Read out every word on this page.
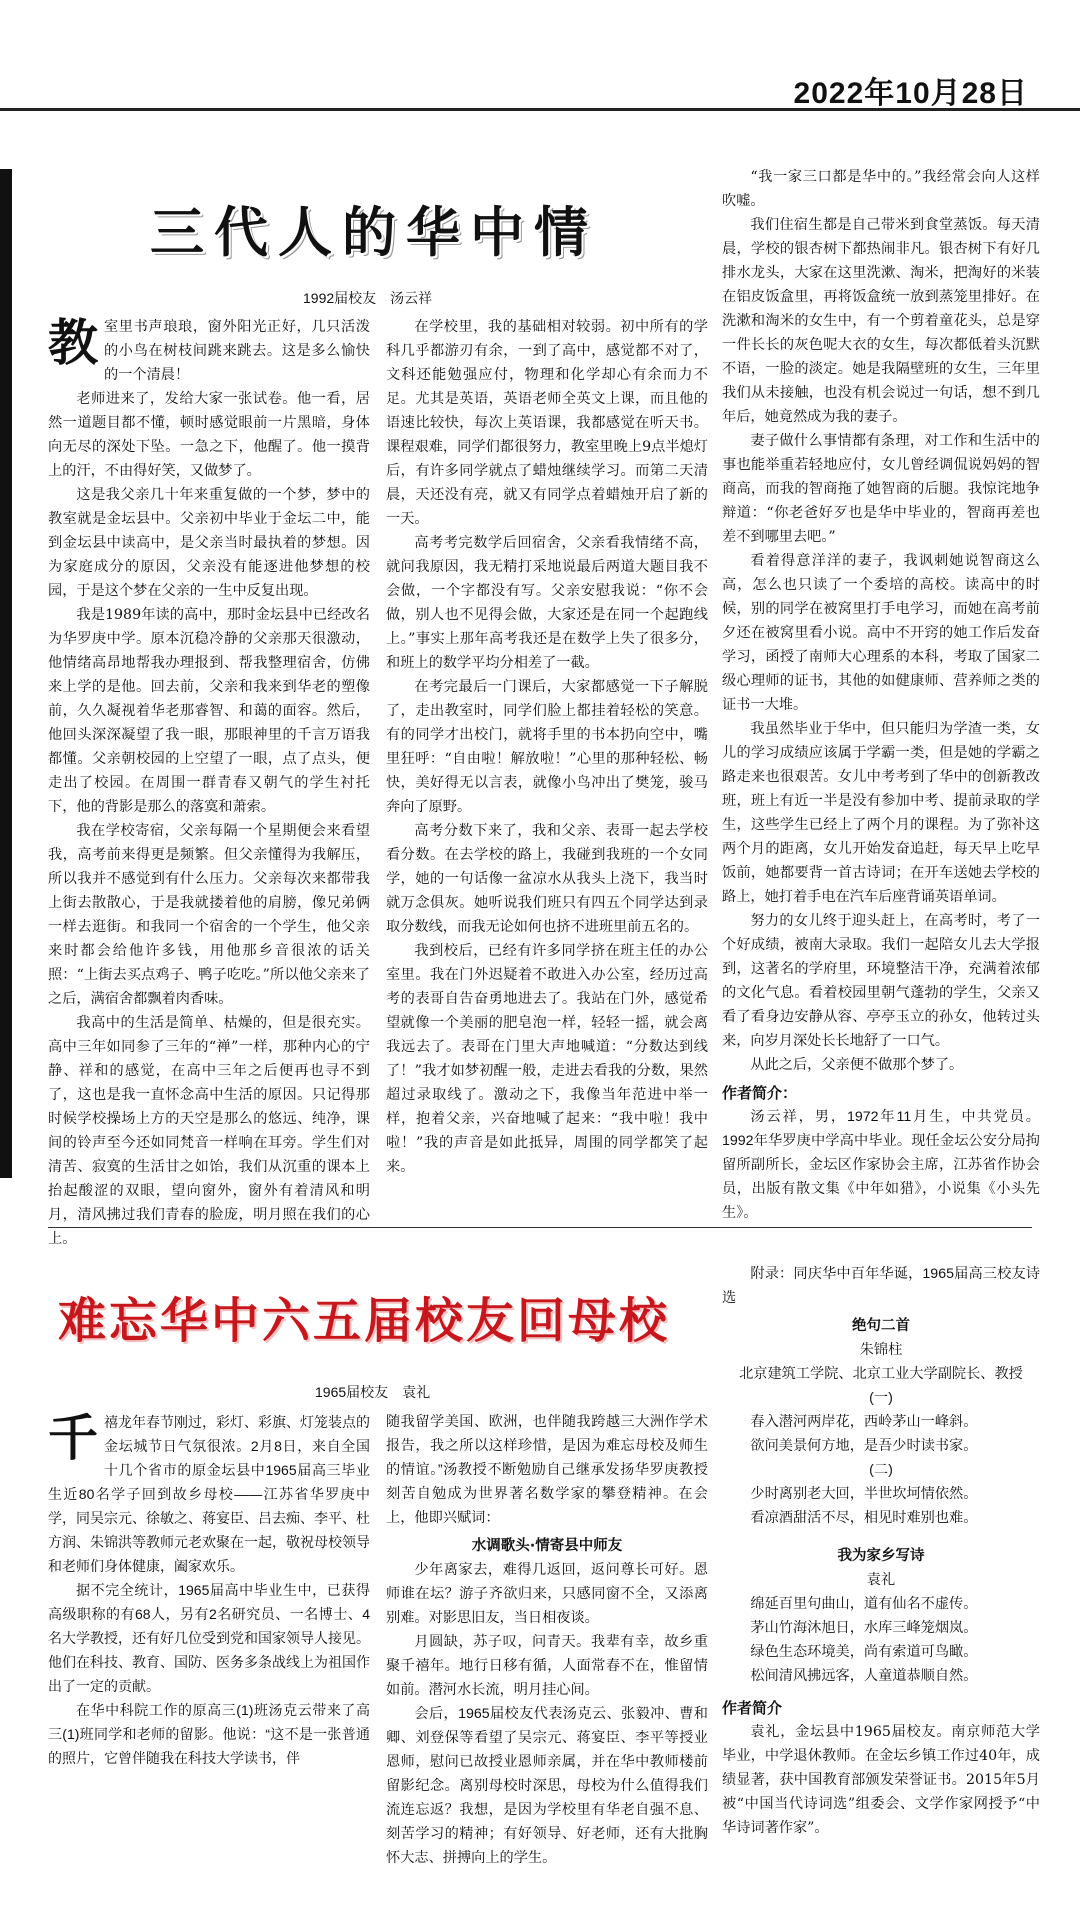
2022年10月28日
三代人的华中情
1992届校友　汤云祥
教 室里书声琅琅，窗外阳光正好，几只活泼的小鸟在树枝间跳来跳去。这是多么愉快的一个清晨！

老师进来了，发给大家一张试卷。他一看，居然一道题目都不懂，顿时感觉眼前一片黑暗，身体向无尽的深处下坠。一急之下，他醒了。他一摸背上的汗，不由得好笑，又做梦了。

这是我父亲几十年来重复做的一个梦，梦中的教室就是金坛县中。父亲初中毕业于金坛二中，能到金坛县中读高中，是父亲当时最执着的梦想。因为家庭成分的原因，父亲没有能逐进他梦想的校园，于是这个梦在父亲的一生中反复出现。

我是1989年读的高中，那时金坛县中已经改名为华罗庚中学。原本沉稳冷静的父亲那天很激动，他情绪高昂地帮我办理报到、帮我整理宿舍，仿佛来上学的是他。回去前，父亲和我来到华老的塑像前，久久凝视着华老那睿智、和蔼的面容。然后，他回头深深凝望了我一眼，那眼神里的千言万语我都懂。父亲朝校园的上空望了一眼，点了点头，便走出了校园。在周围一群青春又朝气的学生衬托下，他的背影是那么的落寞和萧索。

我在学校寄宿，父亲每隔一个星期便会来看望我，高考前来得更是频繁。但父亲懂得为我解压，所以我并不感觉到有什么压力。父亲每次来都带我上街去散散心，于是我就搂着他的肩膀，像兄弟俩一样去逛街。和我同一个宿舍的一个学生，他父亲来时都会给他许多钱，用他那乡音很浓的话关照：“上街去买点鸡子、鸭子吃吃。”所以他父亲来了之后，满宿舍都飘着肉香味。

我高中的生活是简单、枯燥的，但是很充实。高中三年如同参了三年的“禅”一样，那种内心的宁静、祥和的感觉，在高中三年之后便再也寻不到了，这也是我一直怀念高中生活的原因。只记得那时候学校操场上方的天空是那么的悠远、纯净，课间的铃声至今还如同梵音一样响在耳旁。学生们对清苦、寂寞的生活甘之如饴，我们从沉重的课本上抬起酸涩的双眼，望向窗外，窗外有着清风和明月，清风拂过我们青春的脸庞，明月照在我们的心上。

在学校里，我的基础相对较弱。初中所有的学科几乎都游刃有余，一到了高中，感觉都不对了，文科还能勉强应付，物理和化学却心有余而力不足。尤其是英语，英语老师全英文上课，而且他的语速比较快，每次上英语课，我都感觉在听天书。课程艰难，同学们都很努力，教室里晚上9点半熄灯后，有许多同学就点了蜡烛继续学习。而第二天清晨，天还没有亮，就又有同学点着蜡烛开启了新的一天。

高考考完数学后回宿舍，父亲看我情绪不高，就问我原因，我无精打采地说最后两道大题目我不会做，一个字都没有写。父亲安慰我说：“你不会做，别人也不见得会做，大家还是在同一个起跑线上。”事实上那年高考我还是在数学上失了很多分，和班上的数学平均分相差了一截。

在考完最后一门课后，大家都感觉一下子解脱了，走出教室时，同学们脸上都挂着轻松的笑意。有的同学才出校门，就将手里的书本扔向空中，嘴里狂呼：“自由啦！解放啦！”心里的那种轻松、畅快，美好得无以言表，就像小鸟冲出了樊笼，骏马奔向了原野。

高考分数下来了，我和父亲、表哥一起去学校看分数。在去学校的路上，我碰到我班的一个女同学，她的一句话像一盆凉水从我头上浇下，我当时就万念俱灰。她听说我们班只有四五个同学达到录取分数线，而我无论如何也挤不进班里前五名的。

我到校后，已经有许多同学挤在班主任的办公室里。我在门外迟疑着不敢进入办公室，经历过高考的表哥自告奋勇地进去了。我站在门外，感觉希望就像一个美丽的肥皂泡一样，轻轻一摇，就会离我远去了。表哥在门里大声地喊道：“分数达到线了！”我才如梦初醒一般，走进去看我的分数，果然超过录取线了。激动之下，我像当年范进中举一样，抱着父亲，兴奋地喊了起来：“我中啦！我中啦！”我的声音是如此抵异，周围的同学都笑了起来。

“我一家三口都是华中的。”我经常会向人这样吹嘘。

我们住宿生都是自己带米到食堂蒸饭。每天清晨，学校的银杏树下都热闹非凡。银杏树下有好几排水龙头，大家在这里洗漱、淘米，把淘好的米装在铝皮饭盒里，再将饭盒统一放到蒸笼里排好。在洗漱和淘米的女生中，有一个剪着童花头，总是穿一件长长的灰色呢大衣的女生，每次都低着头沉默不语，一脸的淡定。她是我隔壁班的女生，三年里我们从未接触，也没有机会说过一句话，想不到几年后，她竟然成为我的妻子。

妻子做什么事情都有条理，对工作和生活中的事也能举重若轻地应付，女儿曾经调侃说妈妈的智商高，而我的智商拖了她智商的后腿。我惊诧地争辩道：“你老爸好歹也是华中毕业的，智商再差也差不到哪里去吧。”

看着得意洋洋的妻子，我讽刺她说智商这么高，怎么也只读了一个委培的高校。读高中的时候，别的同学在被窝里打手电学习，而她在高考前夕还在被窝里看小说。高中不开窍的她工作后发奋学习，函授了南师大心理系的本科，考取了国家二级心理师的证书，其他的如健康师、营养师之类的证书一大堆。

我虽然毕业于华中，但只能归为学渣一类，女儿的学习成绩应该属于学霸一类，但是她的学霸之路走来也很艰苦。女儿中考考到了华中的创新教改班，班上有近一半是没有参加中考、提前录取的学生，这些学生已经上了两个月的课程。为了弥补这两个月的距离，女儿开始发奋追赶，每天早上吃早饭前，她都要背一首古诗词；在开车送她去学校的路上，她打着手电在汽车后座背诵英语单词。

努力的女儿终于迎头赶上，在高考时，考了一个好成绩，被南大录取。我们一起陪女儿去大学报到，这著名的学府里，环境整洁干净，充满着浓郁的文化气息。看着校园里朝气蓬勃的学生，父亲又看了看身边安静从容、亭亭玉立的孙女，他转过头来，向岁月深处长长地舒了一口气。

从此之后，父亲便不做那个梦了。

作者简介：

汤云祥，男，1972年11月生，中共党员。1992年华罗庚中学高中毕业。现任金坛公安分局拘留所副所长，金坛区作家协会主席，江苏省作协会员，出版有散文集《中年如猎》，小说集《小头先生》。

难忘华中六五届校友回母校
1965届校友　袁礼
千 禧龙年春节刚过，彩灯、彩旗、灯笼装点的金坛城节日气氛很浓。2月8日，来自全国十几个省市的原金坛县中1965届高三毕业生近80名学子回到故乡母校——江苏省华罗庚中学，同吴宗元、徐敏之、蒋宴臣、吕去痴、李平、杜方润、朱锦洪等教师元老欢聚在一起，敬祝母校领导和老师们身体健康，阖家欢乐。

据不完全统计，1965届高中毕业生中，已获得高级职称的有68人，另有2名研究员、一名博士、4名大学教授，还有好几位受到党和国家领导人接见。他们在科技、教育、国防、医务多条战线上为祖国作出了一定的贡献。

在华中科院工作的原高三(1)班汤克云带来了高三(1)班同学和老师的留影。他说：“这不是一张普通的照片，它曾伴随我在科技大学读书，伴

随我留学美国、欧洲，也伴随我跨越三大洲作学术报告，我之所以这样珍惜，是因为难忘母校及师生的情谊。”汤教授不断勉励自己继承发扬华罗庚教授刻苦自勉成为世界著名数学家的攀登精神。在会上，他即兴赋词：

水调歌头·情寄县中师友

少年离家去，难得几返回，返问尊长可好。恩师谁在坛？游子齐欲归来，只感同窗不全，又添离别难。对影思旧友，当日相夜谈。

月圆缺，苏子叹，问青天。我辈有幸，故乡重聚千禧年。地行日移有循，人面常春不在，惟留情如前。潜河水长流，明月挂心间。

会后，1965届校友代表汤克云、张毅冲、曹和卿、刘登保等看望了吴宗元、蒋宴臣、李平等授业恩师，慰问已故授业恩师亲属，并在华中教师楼前留影纪念。离别母校时深思，母校为什么值得我们流连忘返？我想，是因为学校里有华老自强不息、刻苦学习的精神；有好领导、好老师，还有大批胸怀大志、拼搏向上的学生。

附录：同庆华中百年华诞，1965届高三校友诗选

绝句二首
朱锦柱
北京建筑工学院、北京工业大学副院长、教授
(一)

春入潜河两岸花，西岭茅山一峰斜。

欲问美景何方地，是吾少时读书家。

(二)

少时离别老大回，半世坎坷情依然。

看凉酒甜活不尽，相见时难别也难。

我为家乡写诗
袁礼

绵延百里句曲山，道有仙名不虚传。

茅山竹海沐旭日，水库三峰笼烟岚。

绿色生态环境美，尚有索道可鸟瞰。

松间清风拂远客，人童道恭顺自然。

作者简介

袁礼，金坛县中1965届校友。南京师范大学毕业，中学退休教师。在金坛乡镇工作过40年，成绩显著，获中国教育部颁发荣誉证书。2015年5月被“中国当代诗词选”组委会、文学作家网授予“中华诗词著作家”。
